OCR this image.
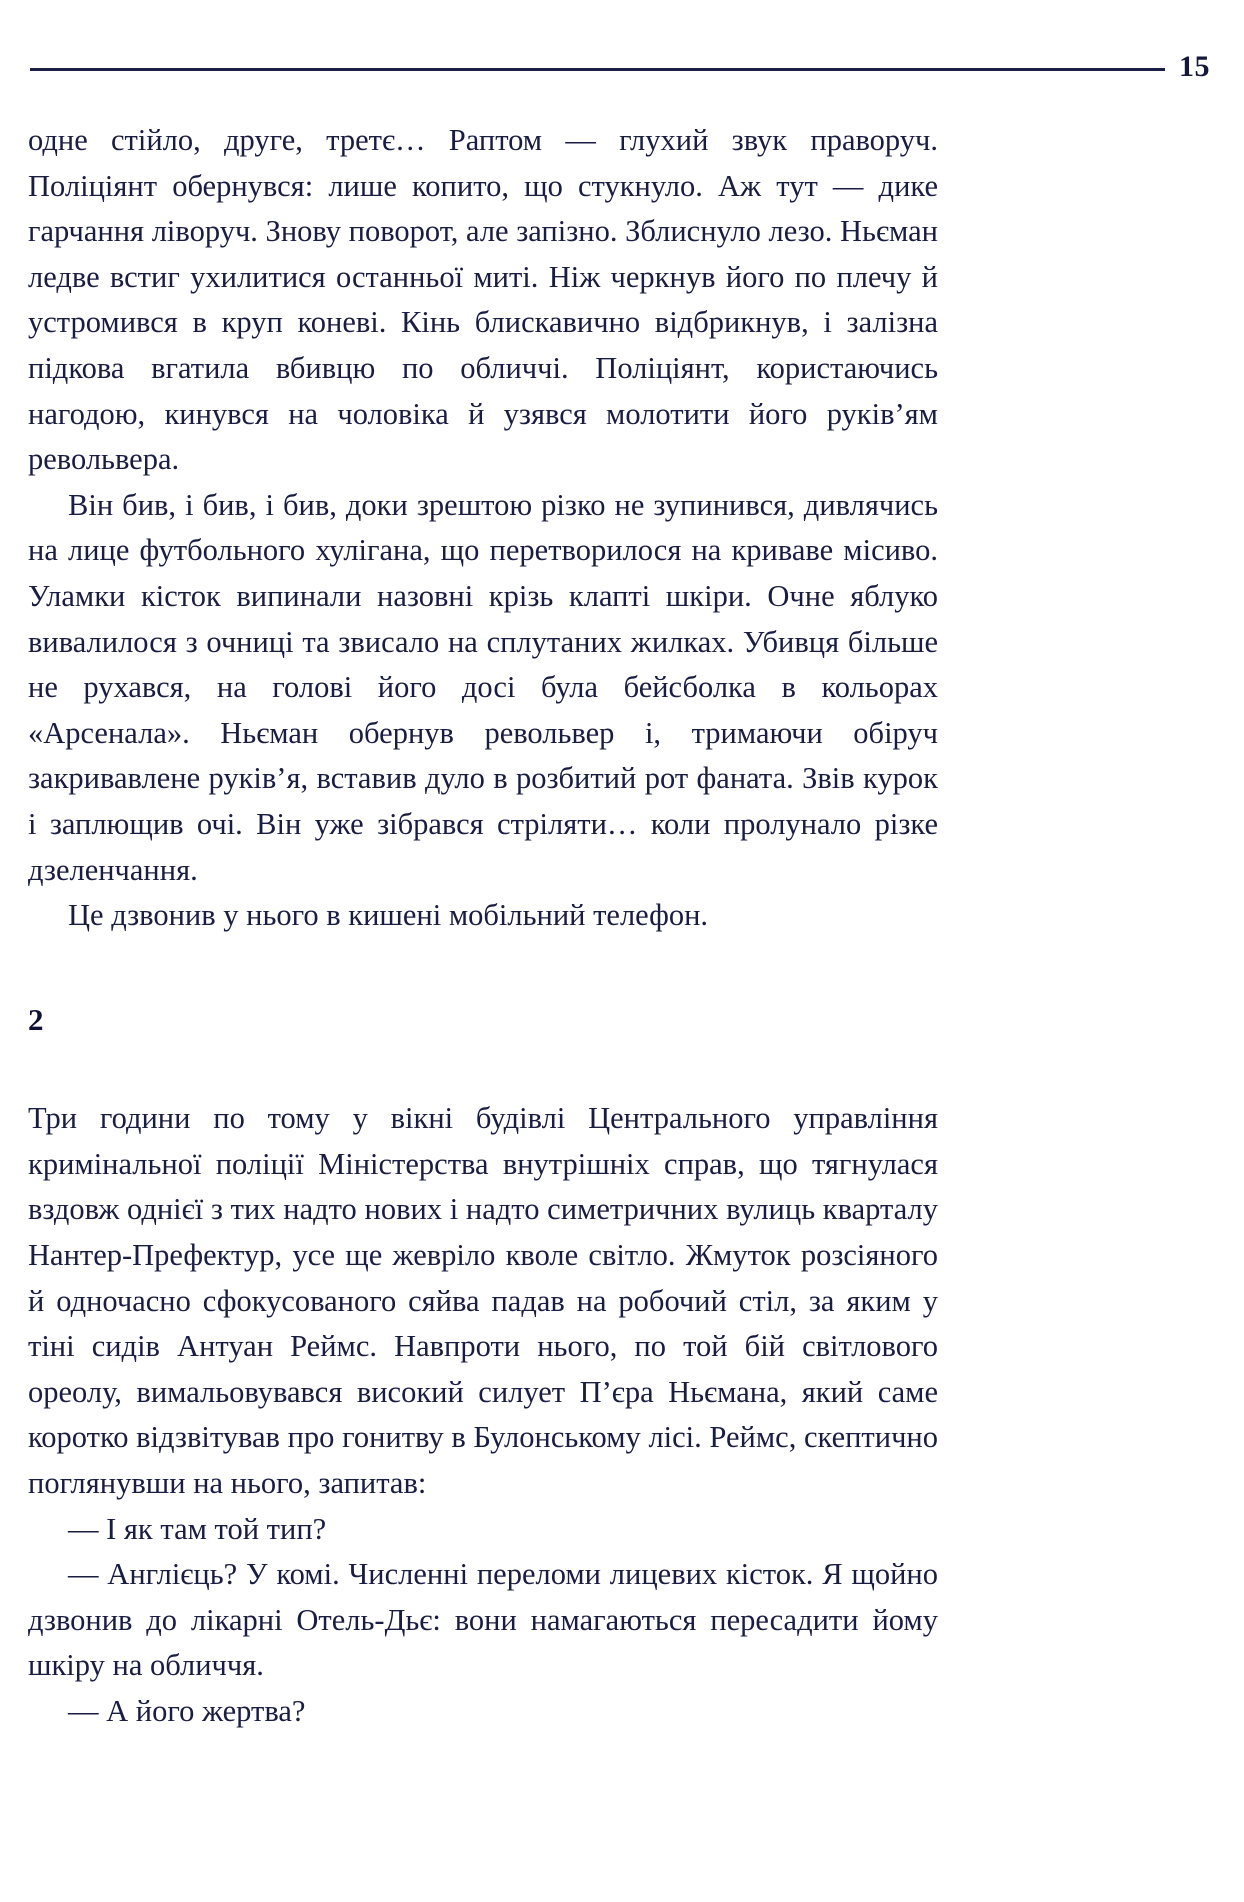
15

одне стійло, друге, третє… Раптом — глухий звук праворуч. Поліціянт обернувся: лише копито, що стукнуло. Аж тут — дике гарчання ліворуч. Знову поворот, але запізно. Зблиснуло лезо. Ньєман ледве встиг ухилитися останньої миті. Ніж черкнув його по плечу й устромився в круп коневі. Кінь блискавично відбрикнув, і залізна підкова вгатила вбивцю по обличчі. Поліціянт, користаючись нагодою, кинувся на чоловіка й узявся молотити його руків’ям револьвера.

Він бив, і бив, і бив, доки зрештою різко не зупинився, дивлячись на лице футбольного хулігана, що перетворилося на криваве місиво. Уламки кісток випинали назовні крізь клапті шкіри. Очне яблуко вивалилося з очниці та звисало на сплутаних жилках. Убивця більше не рухався, на голові його досі була бейсболка в кольорах «Арсенала». Ньєман обернув револьвер і, тримаючи обіруч закривавлене руків’я, вставив дуло в розбитий рот фаната. Звів курок і заплющив очі. Він уже зібрався стріляти… коли пролунало різке дзеленчання.

Це дзвонив у нього в кишені мобільний телефон.

2

Три години по тому у вікні будівлі Центрального управління кримінальної поліції Міністерства внутрішніх справ, що тягнулася вздовж однієї з тих надто нових і надто симетричних вулиць кварталу Нантер-Префектур, усе ще жевріло кволе світло. Жмуток розсіяного й одночасно сфокусованого сяйва падав на робочий стіл, за яким у тіні сидів Антуан Реймс. Навпроти нього, по той бій світлового ореолу, вимальовувався високий силует П’єра Ньємана, який саме коротко відзвітував про гонитву в Булонському лісі. Реймс, скептично поглянувши на нього, запитав:

— І як там той тип?

— Англієць? У комі. Численні переломи лицевих кісток. Я щойно дзвонив до лікарні Отель-Дьє: вони намагаються пересадити йому шкіру на обличчя.

— А його жертва?
